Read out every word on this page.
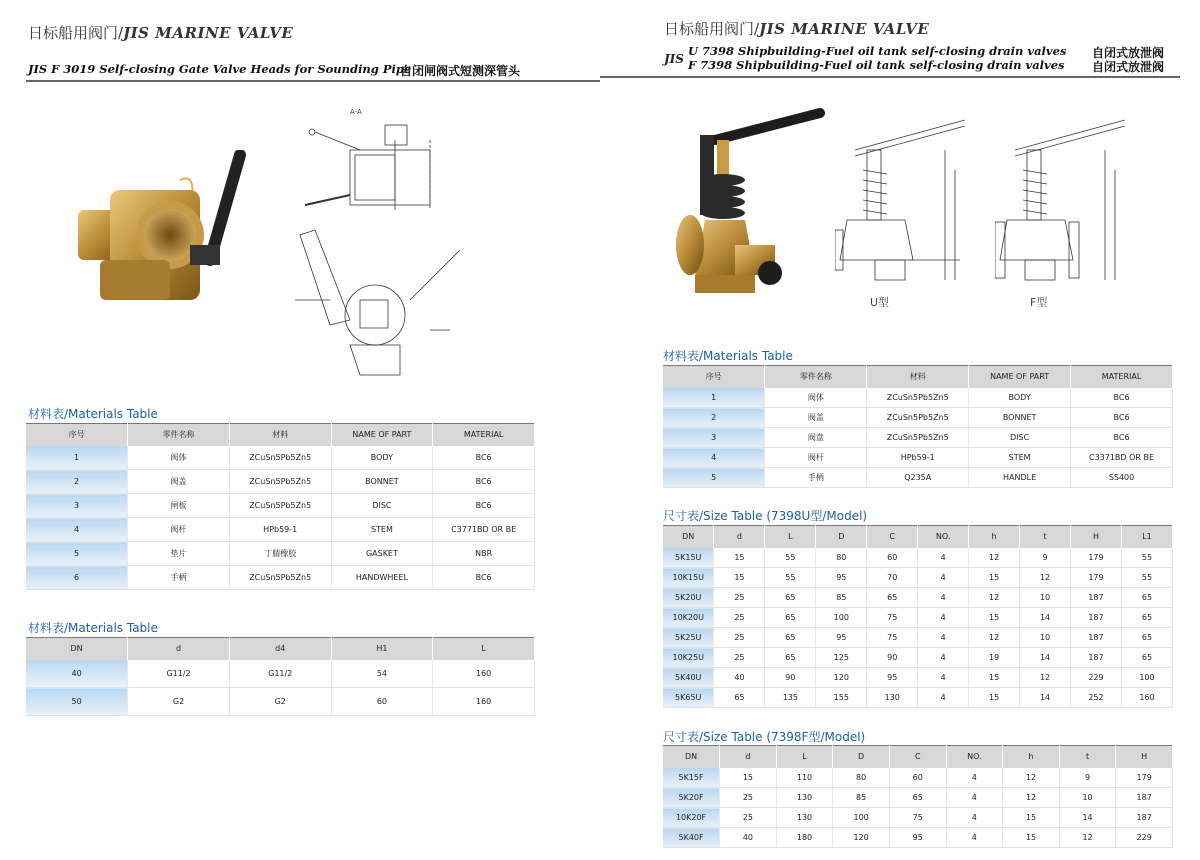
日标船用阀门/JIS MARINE VALVE
JIS F 3019 Self-closing Gate Valve Heads for Sounding Pipe
自闭闸阀式短测深管头
A-A
材料表/Materials Table
序号	零件名称	材料	NAME OF PART	MATERIAL
1	阀体	ZCuSn5Pb5Zn5	BODY	BC6
2	阀盖	ZCuSn5Pb5Zn5	BONNET	BC6
3	闸板	ZCuSn5Pb5Zn5	DISC	BC6
4	阀杆	HPb59-1	STEM	C3771BD OR BE
5	垫片	丁腈橡胶	GASKET	NBR
6	手柄	ZCuSn5Pb5Zn5	HANDWHEEL	BC6
材料表/Materials Table
DN	d	d4	H1	L
40	G11/2	G11/2	54	160
50	G2	G2	60	160
日标船用阀门/JIS MARINE VALVE
JIS
U 7398 Shipbuilding-Fuel oil tank self-closing drain valves
F 7398 Shipbuilding-Fuel oil tank self-closing drain valves
自闭式放泄阀
自闭式放泄阀
U型	F型
材料表/Materials Table
序号	零件名称	材料	NAME OF PART	MATERIAL
1	阀体	ZCuSn5Pb5Zn5	BODY	BC6
2	阀盖	ZCuSn5Pb5Zn5	BONNET	BC6
3	阀盘	ZCuSn5Pb5Zn5	DISC	BC6
4	阀杆	HPb59-1	STEM	C3371BD OR BE
5	手柄	Q235A	HANDLE	SS400
尺寸表/Size Table (7398U型/Model)
DN	d	L	D	C	NO.	h	t	H	L1
5K15U	15	55	80	60	4	12	9	179	55
10K15U	15	55	95	70	4	15	12	179	55
5K20U	25	65	85	65	4	12	10	187	65
10K20U	25	65	100	75	4	15	14	187	65
5K25U	25	65	95	75	4	12	10	187	65
10K25U	25	65	125	90	4	19	14	187	65
5K40U	40	90	120	95	4	15	12	229	100
5K65U	65	135	155	130	4	15	14	252	160
尺寸表/Size Table (7398F型/Model)
DN	d	L	D	C	NO.	h	t	H
5K15F	15	110	80	60	4	12	9	179
5K20F	25	130	85	65	4	12	10	187
10K20F	25	130	100	75	4	15	14	187
5K40F	40	180	120	95	4	15	12	229
